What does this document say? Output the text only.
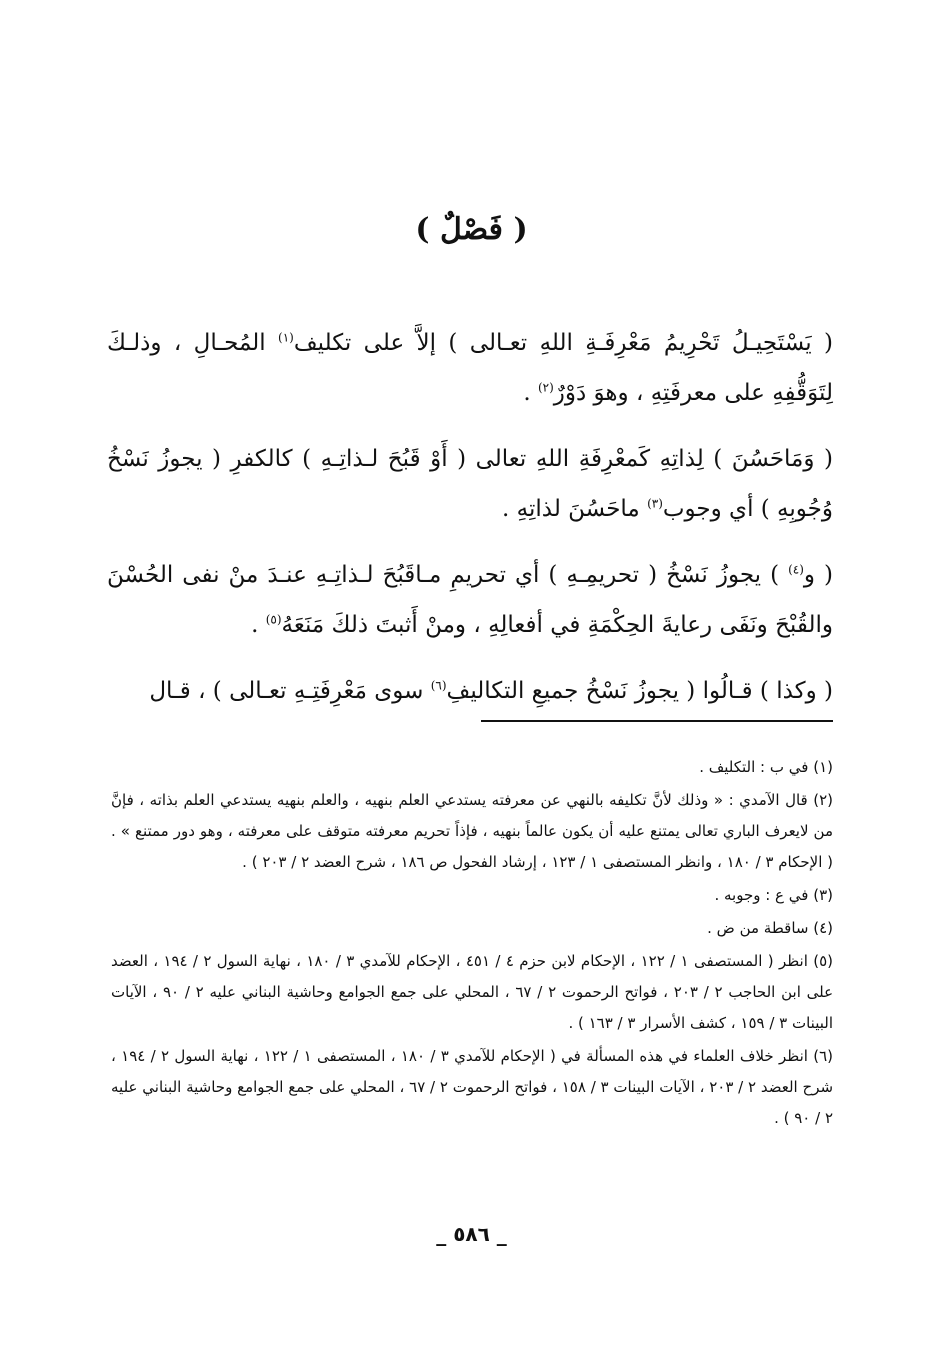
( فَصْلٌ )

( يَسْتَحِيـلُ تَحْرِيمُ مَعْرِفَـةِ اللهِ تعـالى ) إلاَّ على تكليف$^{(١)}$ المُحـالِ ، وذلـكَ لِتَوَقُّفِهِ على معرفَتِهِ ، وهوَ دَوْرٌ$^{(٢)}$ .

( وَمَاحَسُنَ ) لِذاتِهِ كَمعْرِفَةِ اللهِ تعالى ( أَوْ قَبُحَ لـذاتِـهِ ) كالكفرِ ( يجوزُ نَسْخُ وُجُوبِهِ ) أي وجوب$^{(٣)}$ ماحَسُنَ لذاتِهِ .

( و$^{(٤)}$ ) يجوزُ نَسْخُ ( تحريمِـهِ ) أي تحريمِ مـاقَبُحَ لـذاتِـهِ عنـدَ منْ نفى الحُسْنَ والقُبْحَ ونَفَى رعايةَ الحِكْمَةِ في أفعالِهِ ، ومنْ أَثبتَ ذلكَ مَنَعَهُ$^{(٥)}$ .

( وكذا ) قـالُوا ( يجوزُ نَسْخُ جميعِ التكاليفِ$^{(٦)}$ سوى مَعْرِفَتِـهِ تعـالى ) ، قـال

(١) في ب : التكليف .
(٢) قال الآمدي : « وذلك لأنَّ تكليفه بالنهي عن معرفته يستدعي العلم بنهيه ، والعلم بنهيه يستدعي العلم بذاته ، فإنَّ من لايعرف الباري تعالى يمتنع عليه أن يكون عالماً بنهيه ، فإذاً تحريم معرفته متوقف على معرفته ، وهو دور ممتنع » . ( الإحكام ٣ / ١٨٠ ، وانظر المستصفى ١ / ١٢٣ ، إرشاد الفحول ص ١٨٦ ، شرح العضد ٢ / ٢٠٣ ) .
(٣) في ع : وجوبه .
(٤) ساقطة من ض .
(٥) انظر ( المستصفى ١ / ١٢٢ ، الإحكام لابن حزم ٤ / ٤٥١ ، الإحكام للآمدي ٣ / ١٨٠ ، نهاية السول ٢ / ١٩٤ ، العضد على ابن الحاجب ٢ / ٢٠٣ ، فواتح الرحموت ٢ / ٦٧ ، المحلي على جمع الجوامع وحاشية البناني عليه ٢ / ٩٠ ، الآيات البينات ٣ / ١٥٩ ، كشف الأسرار ٣ / ١٦٣ ) .
(٦) انظر خلاف العلماء في هذه المسألة في ( الإحكام للآمدي ٣ / ١٨٠ ، المستصفى ١ / ١٢٢ ، نهاية السول ٢ / ١٩٤ ، شرح العضد ٢ / ٢٠٣ ، الآيات البينات ٣ / ١٥٨ ، فواتح الرحموت ٢ / ٦٧ ، المحلي على جمع الجوامع وحاشية البناني عليه ٢ / ٩٠ ) .
_ ٥٨٦ _
